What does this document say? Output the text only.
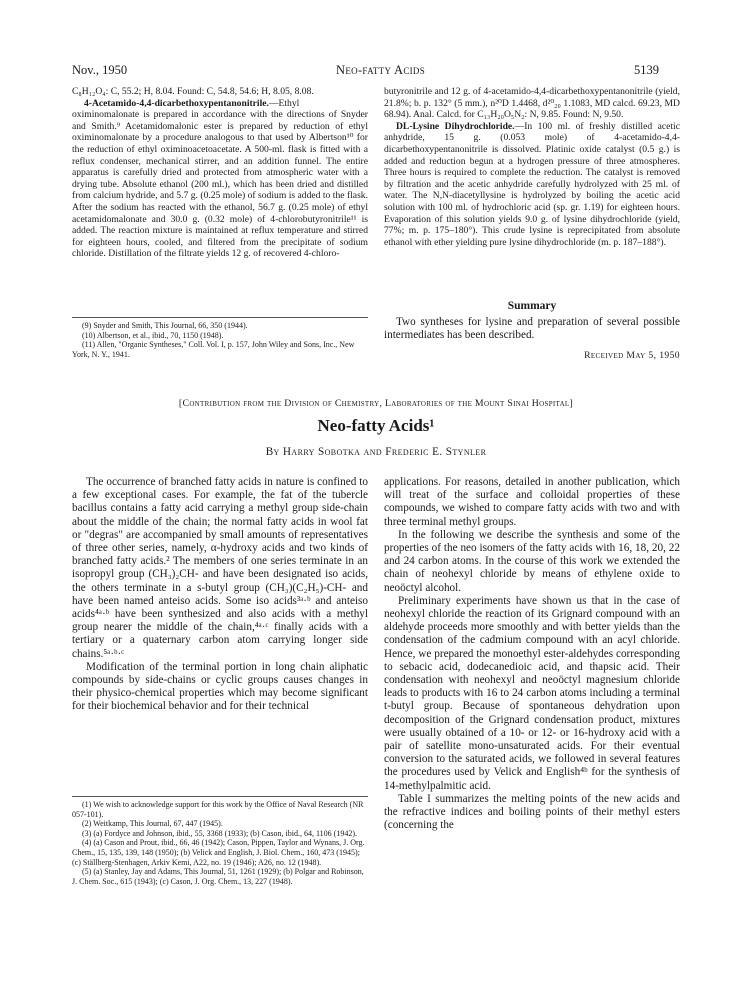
Nov., 1950	Neo-fatty Acids	5139

C₈H₁₂O₄: C, 55.2; H, 8.04. Found: C, 54.8, 54.6; H, 8.05, 8.08.

4-Acetamido-4,4-dicarbethoxypentanonitrile.—Ethyl oximinomalonate is prepared in accordance with the directions of Snyder and Smith.⁹ Acetamidomalonic ester is prepared by reduction of ethyl oximinomalonate by a procedure analogous to that used by Albertson¹⁰ for the reduction of ethyl oximinoacetoacetate. A 500-ml. flask is fitted with a reflux condenser, mechanical stirrer, and an addition funnel. The entire apparatus is carefully dried and protected from atmospheric water with a drying tube. Absolute ethanol (200 ml.), which has been dried and distilled from calcium hydride, and 5.7 g. (0.25 mole) of sodium is added to the flask. After the sodium has reacted with the ethanol, 56.7 g. (0.25 mole) of ethyl acetamidomalonate and 30.0 g. (0.32 mole) of 4-chlorobutyronitrile¹¹ is added. The reaction mixture is maintained at reflux temperature and stirred for eighteen hours, cooled, and filtered from the precipitate of sodium chloride. Distillation of the filtrate yields 12 g. of recovered 4-chloro-

(9) Snyder and Smith, This Journal, 66, 350 (1944).

(10) Albertson, et al., ibid., 70, 1150 (1948).

(11) Allen, "Organic Syntheses," Coll. Vol. I, p. 157, John Wiley and Sons, Inc., New York, N. Y., 1941.

butyronitrile and 12 g. of 4-acetamido-4,4-dicarbethoxypentanonitrile (yield, 21.8%; b. p. 132° (5 mm.), n²⁰D 1.4468, d²⁰₂₀ 1.1083, MD calcd. 69.23, MD 68.94). Anal. Calcd. for C₁₃H₂₀O₅N₂: N, 9.85. Found: N, 9.50.

DL-Lysine Dihydrochloride.—In 100 ml. of freshly distilled acetic anhydride, 15 g. (0.053 mole) of 4-acetamido-4,4-dicarbethoxypentanonitrile is dissolved. Platinic oxide catalyst (0.5 g.) is added and reduction begun at a hydrogen pressure of three atmospheres. Three hours is required to complete the reduction. The catalyst is removed by filtration and the acetic anhydride carefully hydrolyzed with 25 ml. of water. The N,N-diacetyllysine is hydrolyzed by boiling the acetic acid solution with 100 ml. of hydrochloric acid (sp. gr. 1.19) for eighteen hours. Evaporation of this solution yields 9.0 g. of lysine dihydrochloride (yield, 77%; m. p. 175–180°). This crude lysine is reprecipitated from absolute ethanol with ether yielding pure lysine dihydrochloride (m. p. 187–188°).

Summary
Two syntheses for lysine and preparation of several possible intermediates has been described.
Received May 5, 1950
[Contribution from the Division of Chemistry, Laboratories of the Mount Sinai Hospital]
Neo-fatty Acids¹
By Harry Sobotka and Frederic E. Stynler

The occurrence of branched fatty acids in nature is confined to a few exceptional cases. For example, the fat of the tubercle bacillus contains a fatty acid carrying a methyl group side-chain about the middle of the chain; the normal fatty acids in wool fat or "degras" are accompanied by small amounts of representatives of three other series, namely, α-hydroxy acids and two kinds of branched fatty acids.² The members of one series terminate in an isopropyl group (CH₃)₂CH- and have been designated iso acids, the others terminate in a s-butyl group (CH₃)(C₂H₅)-CH- and have been named anteiso acids. Some iso acids³ᵃ·ᵇ and anteiso acids⁴ᵃ·ᵇ have been synthesized and also acids with a methyl group nearer the middle of the chain,⁴ᵃ·ᶜ finally acids with a tertiary or a quaternary carbon atom carrying longer side chains.⁵ᵃ·ᵇ·ᶜ

Modification of the terminal portion in long chain aliphatic compounds by side-chains or cyclic groups causes changes in their physico-chemical properties which may become significant for their biochemical behavior and for their technical

(1) We wish to acknowledge support for this work by the Office of Naval Research (NR 057-101).

(2) Weitkamp, This Journal, 67, 447 (1945).

(3) (a) Fordyce and Johnson, ibid., 55, 3368 (1933); (b) Cason, ibid., 64, 1106 (1942).

(4) (a) Cason and Prout, ibid., 66, 46 (1942); Cason, Pippen, Taylor and Wynans, J. Org. Chem., 15, 135, 139, 148 (1950); (b) Velick and English, J. Biol. Chem., 160, 473 (1945); (c) Ställberg-Stenhagen, Arkiv Kemi, A22, no. 19 (1946); A26, no. 12 (1948).

(5) (a) Stanley, Jay and Adams, This Journal, 51, 1261 (1929); (b) Polgar and Robinson, J. Chem. Soc., 615 (1943); (c) Cason, J. Org. Chem., 13, 227 (1948).

applications. For reasons, detailed in another publication, which will treat of the surface and colloidal properties of these compounds, we wished to compare fatty acids with two and with three terminal methyl groups.

In the following we describe the synthesis and some of the properties of the neo isomers of the fatty acids with 16, 18, 20, 22 and 24 carbon atoms. In the course of this work we extended the chain of neohexyl chloride by means of ethylene oxide to neoöctyl alcohol.

Preliminary experiments have shown us that in the case of neohexyl chloride the reaction of its Grignard compound with an aldehyde proceeds more smoothly and with better yields than the condensation of the cadmium compound with an acyl chloride. Hence, we prepared the monoethyl ester-aldehydes corresponding to sebacic acid, dodecanedioic acid, and thapsic acid. Their condensation with neohexyl and neoöctyl magnesium chloride leads to products with 16 to 24 carbon atoms including a terminal t-butyl group. Because of spontaneous dehydration upon decomposition of the Grignard condensation product, mixtures were usually obtained of a 10- or 12- or 16-hydroxy acid with a pair of satellite mono-unsaturated acids. For their eventual conversion to the saturated acids, we followed in several features the procedures used by Velick and English⁴ᵇ for the synthesis of 14-methylpalmitic acid.

Table I summarizes the melting points of the new acids and the refractive indices and boiling points of their methyl esters (concerning the
